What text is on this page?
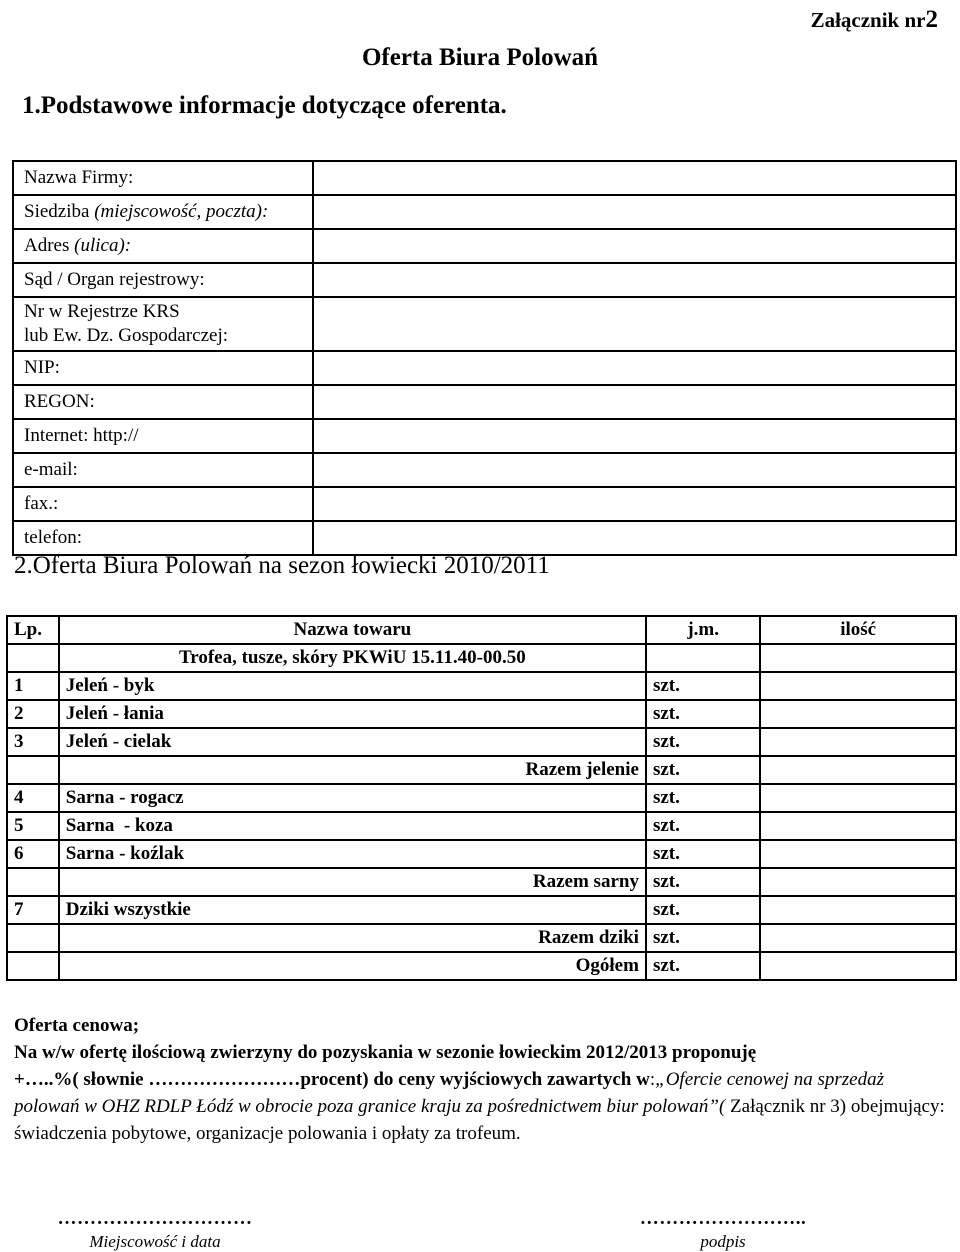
Załącznik nr2
Oferta Biura Polowań
1.Podstawowe informacje dotyczące oferenta.
Nazwa Firmy:	
Siedziba (miejscowość, poczta):	
Adres (ulica):	
Sąd / Organ rejestrowy:	

Nr w Rejestrze KRS
lub Ew. Dz. Gospodarczej:	

NIP:	
REGON:	
Internet: http://	
e-mail:	
fax.:	
telefon:	
2.Oferta Biura Polowań na sezon łowiecki 2010/2011
Lp.	Nazwa towaru	j.m.	ilość
	Trofea, tusze, skóry PKWiU 15.11.40-00.50		
1	Jeleń - byk	szt.	
2	Jeleń - łania	szt.	
3	Jeleń - cielak	szt.	
	Razem jelenie	szt.	
4	Sarna - rogacz	szt.	
5	Sarna  - koza	szt.	
6	Sarna - koźlak	szt.	
	Razem sarny	szt.	
7	Dziki wszystkie	szt.	
	Razem dziki	szt.	
	Ogółem	szt.	
Oferta cenowa;
Na w/w ofertę ilościową zwierzyny do pozyskania w sezonie łowieckim 2012/2013 proponuję
+…..%( słownie ……………………procent) do ceny wyjściowych zawartych w:„Ofercie cenowej na sprzedaż polowań w OHZ RDLP Łódź w obrocie poza granice kraju za pośrednictwem biur polowań”( Załącznik nr 3) obejmujący: świadczenia pobytowe, organizacje polowania i opłaty za trofeum.
…………………………
Miejscowość i data
……………………..
podpis
